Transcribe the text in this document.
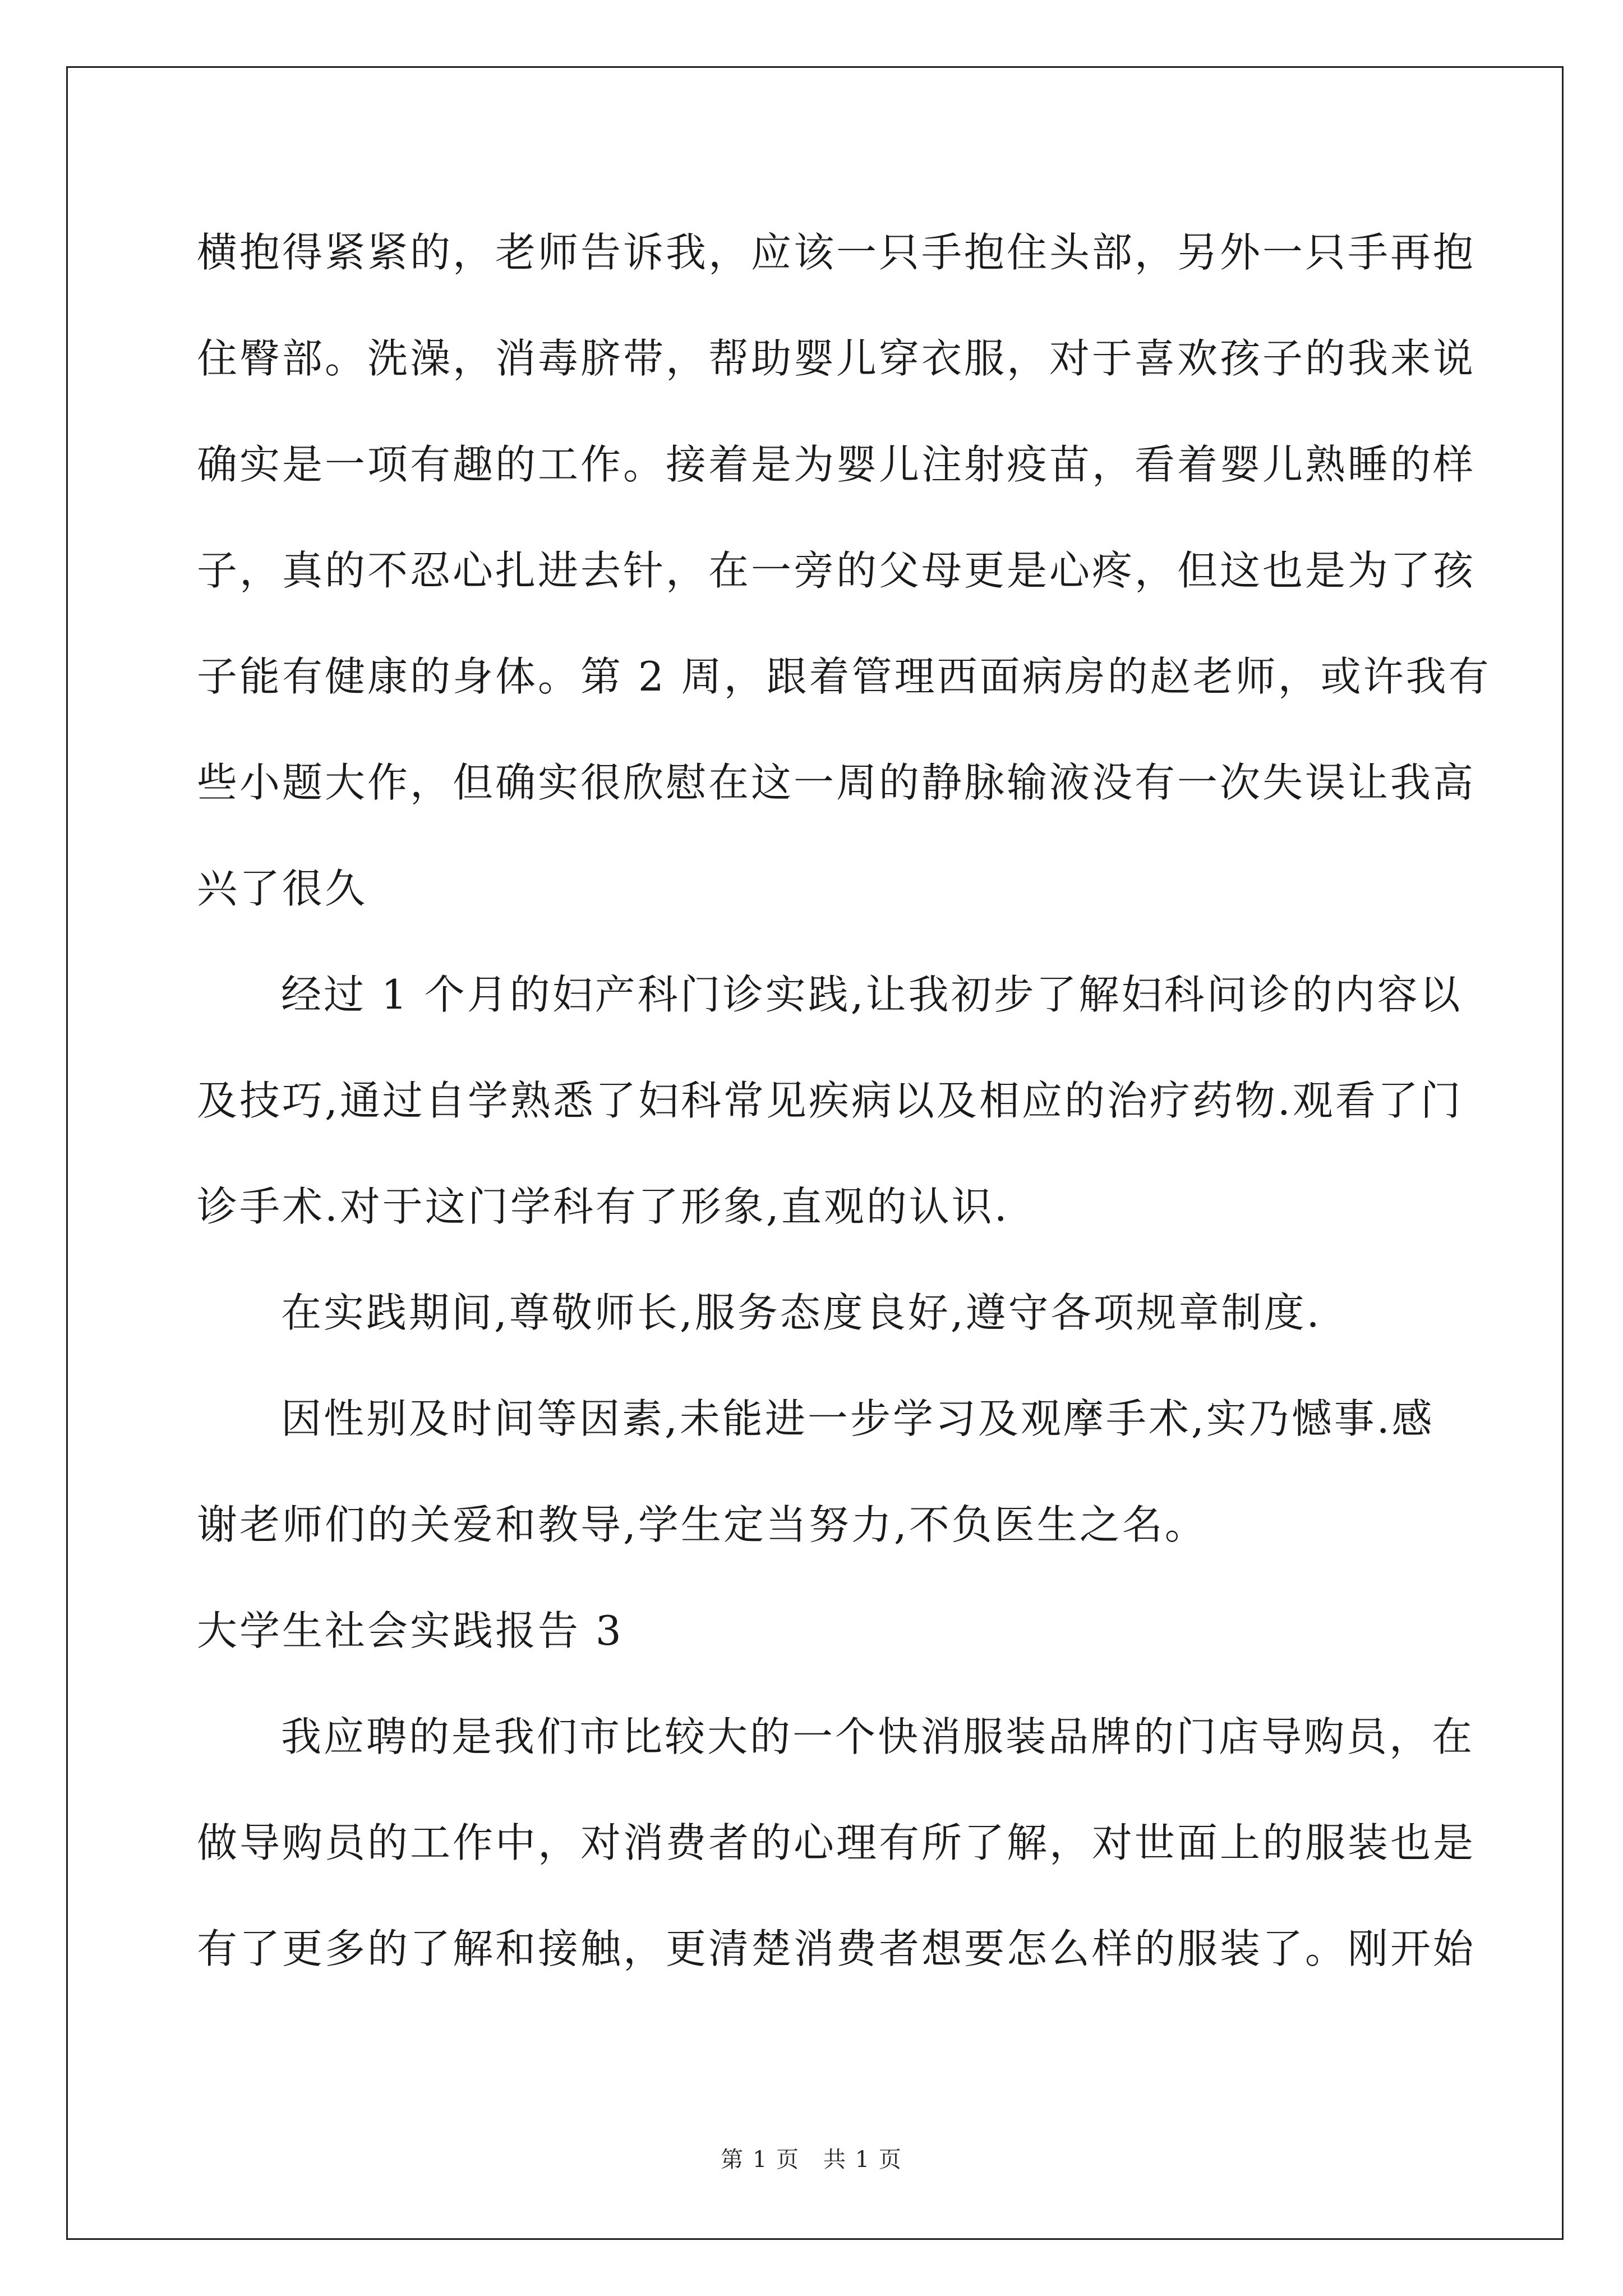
横抱得紧紧的，老师告诉我，应该一只手抱住头部，另外一只手再抱
住臀部。洗澡，消毒脐带，帮助婴儿穿衣服，对于喜欢孩子的我来说
确实是一项有趣的工作。接着是为婴儿注射疫苗，看着婴儿熟睡的样
子，真的不忍心扎进去针，在一旁的父母更是心疼，但这也是为了孩
子能有健康的身体。第 2 周，跟着管理西面病房的赵老师，或许我有
些小题大作，但确实很欣慰在这一周的静脉输液没有一次失误让我高
兴了很久
经过 1 个月的妇产科门诊实践,让我初步了解妇科问诊的内容以
及技巧,通过自学熟悉了妇科常见疾病以及相应的治疗药物.观看了门
诊手术.对于这门学科有了形象,直观的认识.
在实践期间,尊敬师长,服务态度良好,遵守各项规章制度.
因性别及时间等因素,未能进一步学习及观摩手术,实乃憾事.感
谢老师们的关爱和教导,学生定当努力,不负医生之名。
大学生社会实践报告 3
我应聘的是我们市比较大的一个快消服装品牌的门店导购员，在
做导购员的工作中，对消费者的心理有所了解，对世面上的服装也是
有了更多的了解和接触，更清楚消费者想要怎么样的服装了。刚开始
第 1 页　共 1 页
